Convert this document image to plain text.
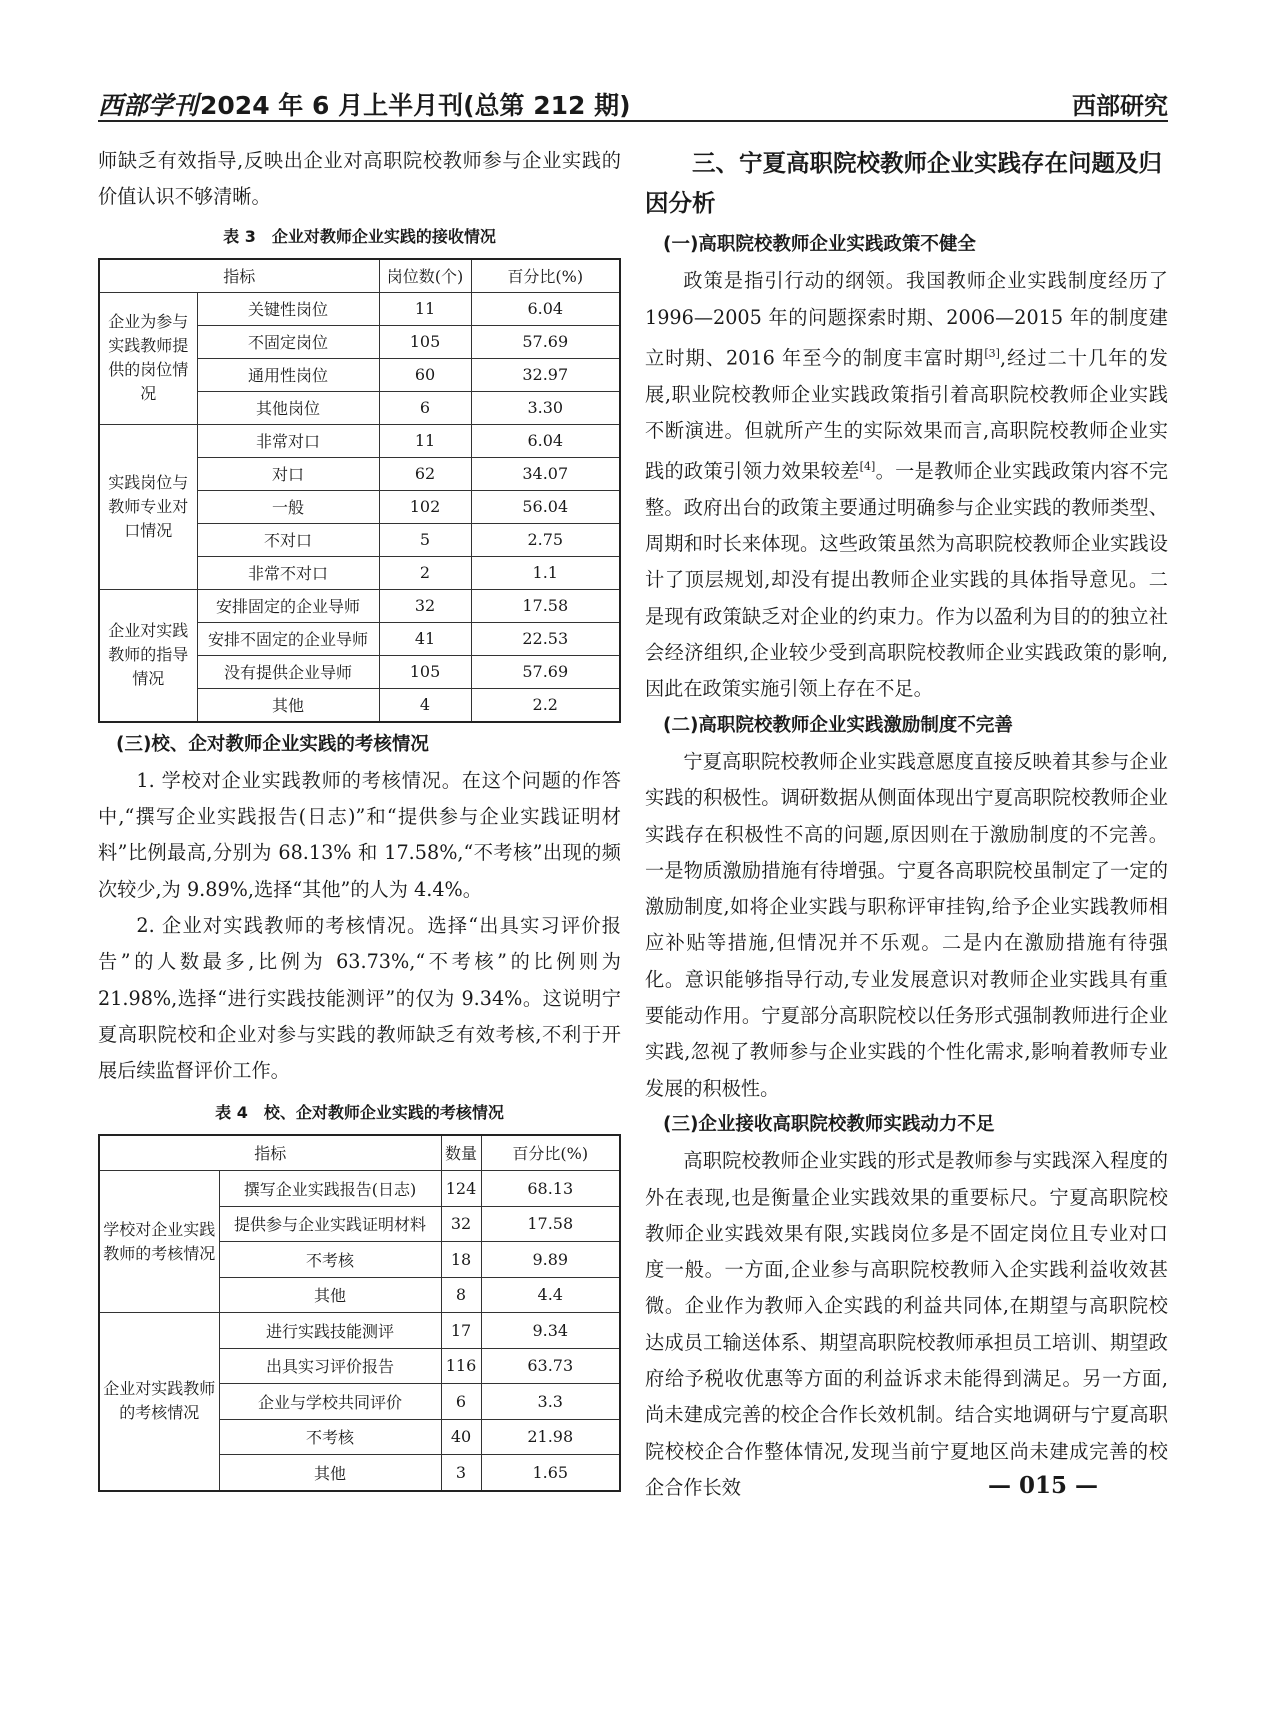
西部学刊2024 年 6 月上半月刊(总第 212 期)	西部研究

师缺乏有效指导,反映出企业对高职院校教师参与企业实践的价值认识不够清晰。

表 3　企业对教师企业实践的接收情况
指标		岗位数(个)	百分比(%)
企业为参与实践教师提供的岗位情况	关键性岗位	11	6.04
	不固定岗位	105	57.69
	通用性岗位	60	32.97
	其他岗位	6	3.30
实践岗位与教师专业对口情况	非常对口	11	6.04
	对口	62	34.07
	一般	102	56.04
	不对口	5	2.75
	非常不对口	2	1.1
企业对实践教师的指导情况	安排固定的企业导师	32	17.58
	安排不固定的企业导师	41	22.53
	没有提供企业导师	105	57.69
	其他	4	2.2
(三)校、企对教师企业实践的考核情况

1. 学校对企业实践教师的考核情况。在这个问题的作答中,“撰写企业实践报告(日志)”和“提供参与企业实践证明材料”比例最高,分别为 68.13% 和 17.58%,“不考核”出现的频次较少,为 9.89%,选择“其他”的人为 4.4%。

2. 企业对实践教师的考核情况。选择“出具实习评价报告”的人数最多,比例为 63.73%,“不考核”的比例则为 21.98%,选择“进行实践技能测评”的仅为 9.34%。这说明宁夏高职院校和企业对参与实践的教师缺乏有效考核,不利于开展后续监督评价工作。

表 4　校、企对教师企业实践的考核情况
指标		数量	百分比(%)
学校对企业实践教师的考核情况	撰写企业实践报告(日志)	124	68.13
	提供参与企业实践证明材料	32	17.58
	不考核	18	9.89
	其他	8	4.4
企业对实践教师的考核情况	进行实践技能测评	17	9.34
	出具实习评价报告	116	63.73
	企业与学校共同评价	6	3.3
	不考核	40	21.98
	其他	3	1.65
三、宁夏高职院校教师企业实践存在问题及归因分析
(一)高职院校教师企业实践政策不健全

政策是指引行动的纲领。我国教师企业实践制度经历了 1996—2005 年的问题探索时期、2006—2015 年的制度建立时期、2016 年至今的制度丰富时期[3],经过二十几年的发展,职业院校教师企业实践政策指引着高职院校教师企业实践不断演进。但就所产生的实际效果而言,高职院校教师企业实践的政策引领力效果较差[4]。一是教师企业实践政策内容不完整。政府出台的政策主要通过明确参与企业实践的教师类型、周期和时长来体现。这些政策虽然为高职院校教师企业实践设计了顶层规划,却没有提出教师企业实践的具体指导意见。二是现有政策缺乏对企业的约束力。作为以盈利为目的的独立社会经济组织,企业较少受到高职院校教师企业实践政策的影响,因此在政策实施引领上存在不足。

(二)高职院校教师企业实践激励制度不完善

宁夏高职院校教师企业实践意愿度直接反映着其参与企业实践的积极性。调研数据从侧面体现出宁夏高职院校教师企业实践存在积极性不高的问题,原因则在于激励制度的不完善。一是物质激励措施有待增强。宁夏各高职院校虽制定了一定的激励制度,如将企业实践与职称评审挂钩,给予企业实践教师相应补贴等措施,但情况并不乐观。二是内在激励措施有待强化。意识能够指导行动,专业发展意识对教师企业实践具有重要能动作用。宁夏部分高职院校以任务形式强制教师进行企业实践,忽视了教师参与企业实践的个性化需求,影响着教师专业发展的积极性。

(三)企业接收高职院校教师实践动力不足

高职院校教师企业实践的形式是教师参与实践深入程度的外在表现,也是衡量企业实践效果的重要标尺。宁夏高职院校教师企业实践效果有限,实践岗位多是不固定岗位且专业对口度一般。一方面,企业参与高职院校教师入企实践利益收效甚微。企业作为教师入企实践的利益共同体,在期望与高职院校达成员工输送体系、期望高职院校教师承担员工培训、期望政府给予税收优惠等方面的利益诉求未能得到满足。另一方面,尚未建成完善的校企合作长效机制。结合实地调研与宁夏高职院校校企合作整体情况,发现当前宁夏地区尚未建成完善的校企合作长效	— 015 —
